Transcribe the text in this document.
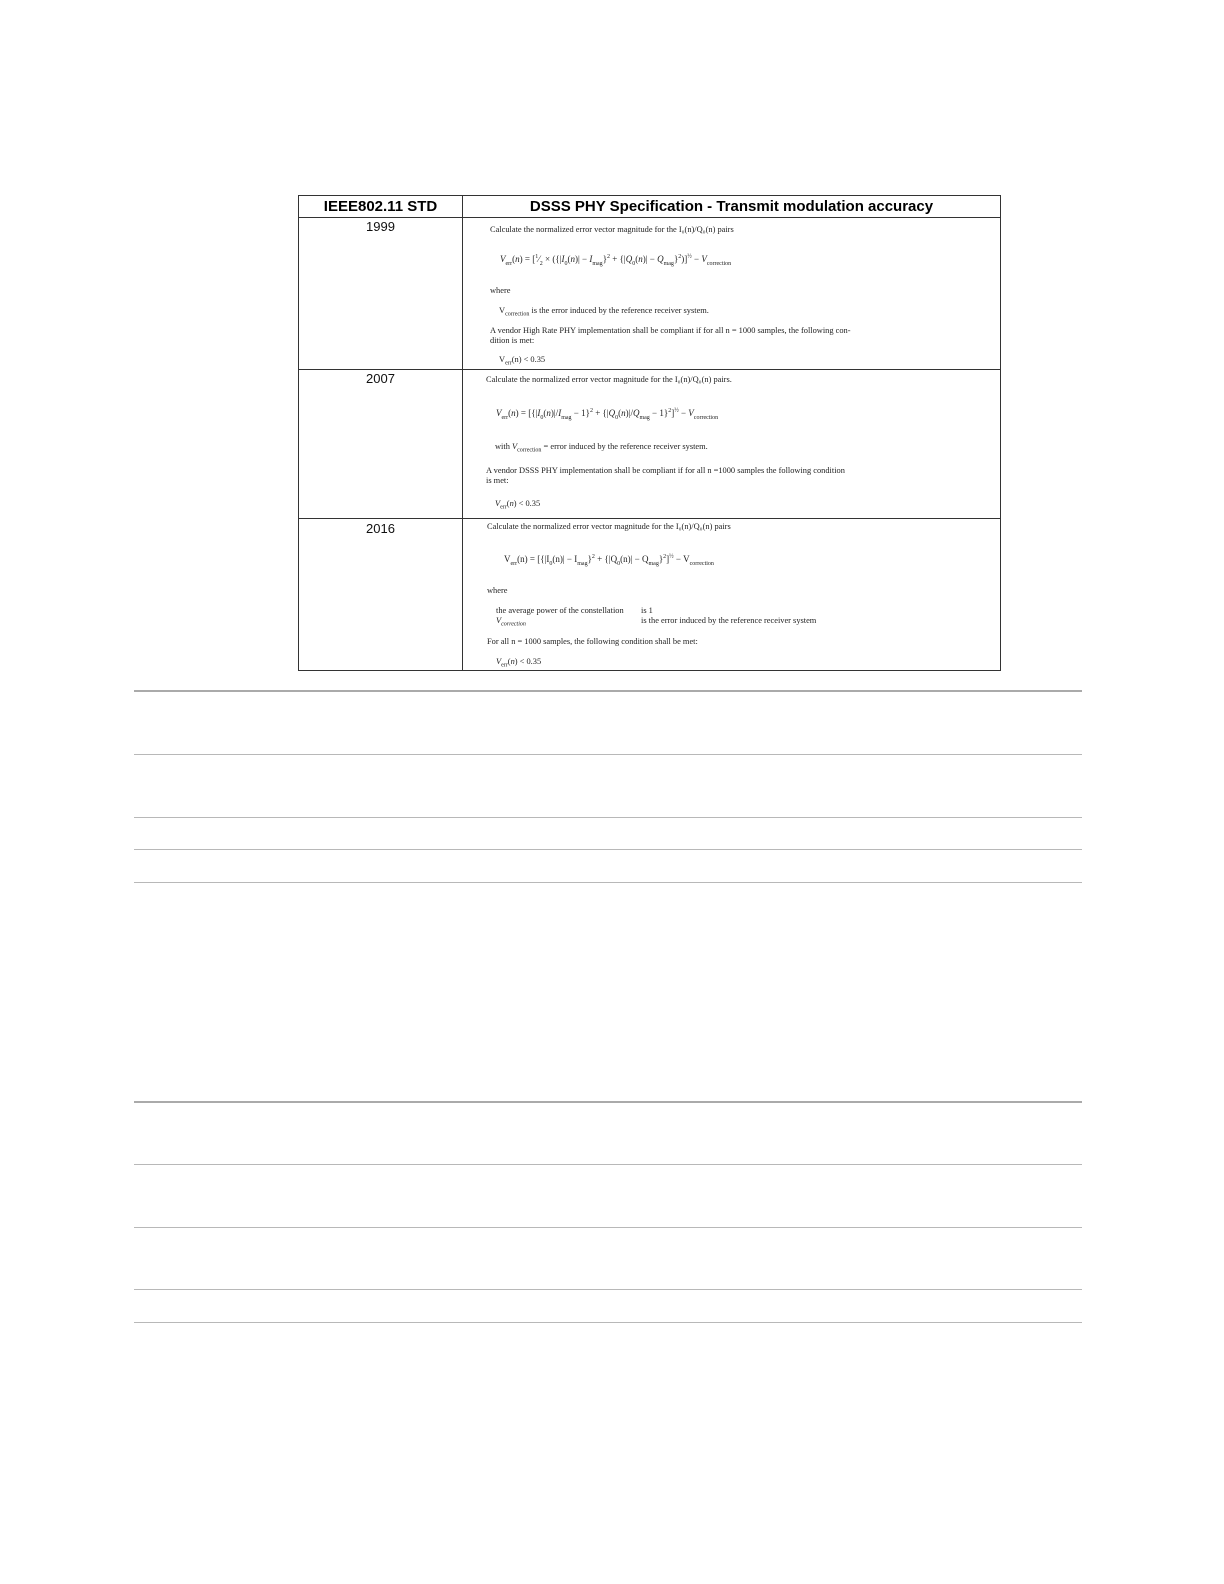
IEEE802.11 STD	DSSS PHY Specification - Transmit modulation accuracy
1999
2007
2016
Calculate the normalized error vector magnitude for the I₀(n)/Q₀(n) pairs
$V_{err}(n)$ = $[^1⁄_2 \times (\{|I_0(n)| - I_{mag}\}^2 + \{|Q_0(n)| - Q_{mag}\}^2)]^{\frac{1}{2}} - V_{correction}$
where
$V_{correction}$ is the error induced by the reference receiver system.
A vendor High Rate PHY implementation shall be compliant if for all n = 1000 samples, the following con-
dition is met:
$V_{err}(n) < 0.35$
Calculate the normalized error vector magnitude for the I₀(n)/Q₀(n) pairs.
$V_{err}(n) = [\{|I_0(n)|/I_{mag} - 1\}^2 + \{|Q_0(n)|/Q_{mag} - 1\}^2]^{\frac{1}{2}} - V_{correction}$
with $V_{correction}$ = error induced by the reference receiver system.
A vendor DSSS PHY implementation shall be compliant if for all n =1000 samples the following condition
is met:
$V_{err}(n) < 0.35$
Calculate the normalized error vector magnitude for the I₀(n)/Q₀(n) pairs
$V_{err}(n) = [\{|I_0(n)| - I_{mag}\}^2 + \{|Q_0(n)| - Q_{mag}\}^2]^{\frac{1}{2}} - V_{correction}$
where
the average power of the constellation is 1
$V_{correction}$	is the error induced by the reference receiver system
For all n = 1000 samples, the following condition shall be met:
$V_{err}(n) < 0.35$
